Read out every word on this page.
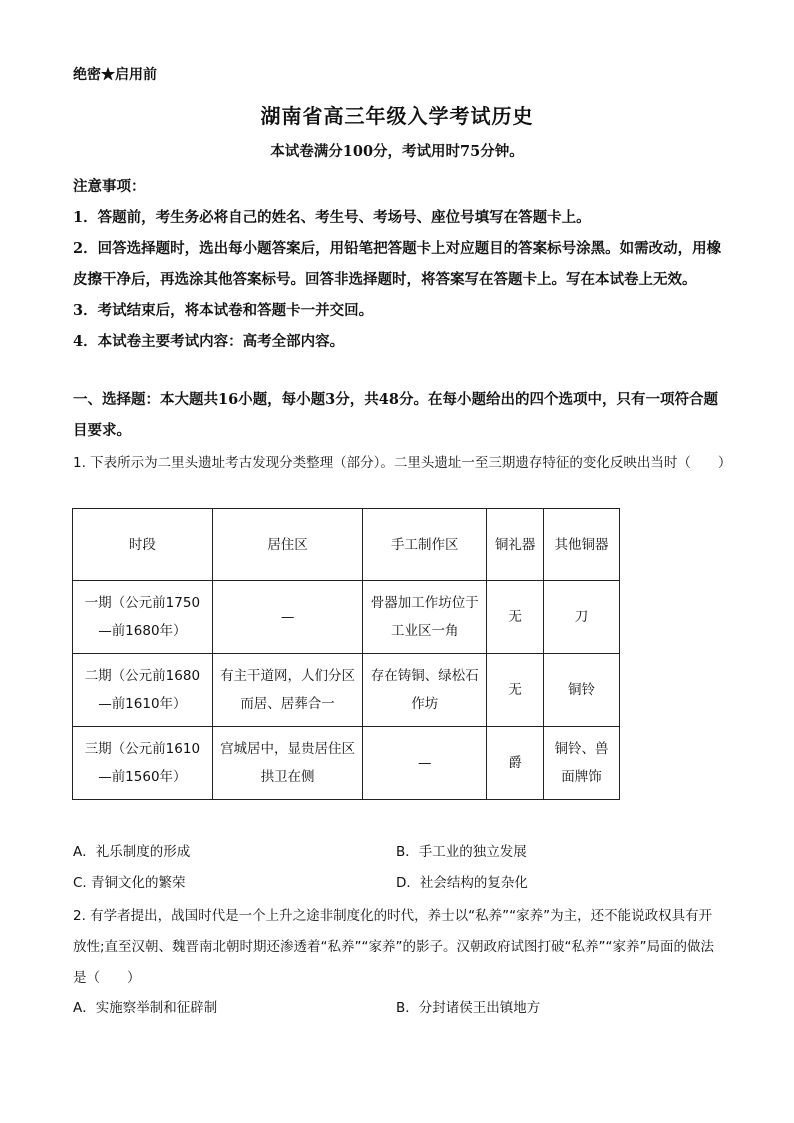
绝密★启用前
湖南省高三年级入学考试历史
本试卷满分100分，考试用时75分钟。

注意事项：

1．答题前，考生务必将自己的姓名、考生号、考场号、座位号填写在答题卡上。

2．回答选择题时，选出每小题答案后，用铅笔把答题卡上对应题目的答案标号涂黑。如需改动，用橡皮擦干净后，再选涂其他答案标号。回答非选择题时，将答案写在答题卡上。写在本试卷上无效。

3．考试结束后，将本试卷和答题卡一并交回。

4．本试卷主要考试内容：高考全部内容。

一、选择题：本大题共16小题，每小题3分，共48分。在每小题给出的四个选项中，只有一项符合题目要求。
1. 下表所示为二里头遗址考古发现分类整理（部分）。二里头遗址一至三期遗存特征的变化反映出当时（　　）
时段	居住区	手工制作区	铜礼器	其他铜器
一期（公元前1750—前1680年）	—	骨器加工作坊位于工业区一角	无	刀
二期（公元前1680—前1610年）	有主干道网，人们分区而居、居葬合一	存在铸铜、绿松石作坊	无	铜铃
三期（公元前1610—前1560年）	宫城居中，显贵居住区拱卫在侧	—	爵	铜铃、兽面牌饰
A．礼乐制度的形成	B．手工业的独立发展
C. 青铜文化的繁荣	D．社会结构的复杂化

2. 有学者提出，战国时代是一个上升之途非制度化的时代，养士以“私养”“家养”为主，还不能说政权具有开放性;直至汉朝、魏晋南北朝时期还渗透着“私养”“家养”的影子。汉朝政府试图打破“私养”“家养”局面的做法是（　　）

A．实施察举制和征辟制	B．分封诸侯王出镇地方
